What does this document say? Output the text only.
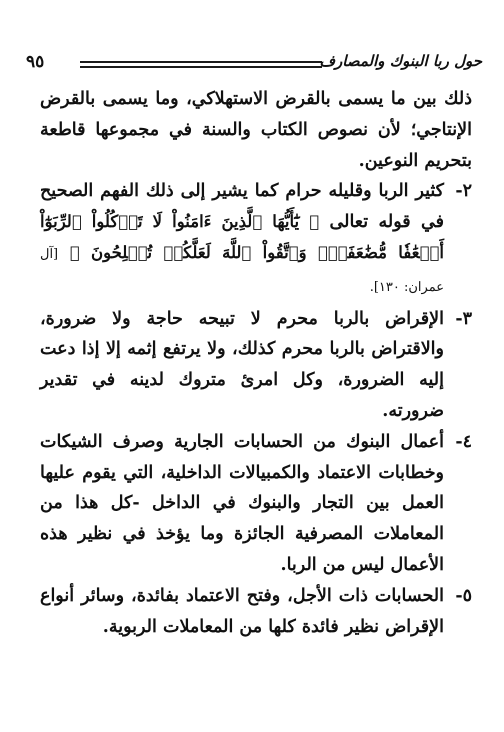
٩٥	حول ربا البنوك والمصارف

ذلك بين ما يسمى بالقرض الاستهلاكي، وما يسمى بالقرض الإنتاجي؛ لأن نصوص الكتاب والسنة في مجموعها قاطعة بتحريم النوعين.

٢-
كثير الربا وقليله حرام كما يشير إلى ذلك الفهم الصحيح في قوله تعالى ﴿ يَٰٓأَيُّهَا ٱلَّذِينَ ءَامَنُواْ لَا تَأۡكُلُواْ ٱلرِّبَوٰٓاْ أَضۡعَٰفٗا مُّضَٰعَفَةٗۖ وَٱتَّقُواْ ٱللَّهَ لَعَلَّكُمۡ تُفۡلِحُونَ ﴾ [آل عمران: ١٣٠].
٣-
الإقراض بالربا محرم لا تبيحه حاجة ولا ضرورة، والاقتراض بالربا محرم كذلك، ولا يرتفع إثمه إلا إذا دعت إليه الضرورة، وكل امرئ متروك لدينه في تقدير ضرورته.
٤-
أعمال البنوك من الحسابات الجارية وصرف الشيكات وخطابات الاعتماد والكمبيالات الداخلية، التي يقوم عليها العمل بين التجار والبنوك في الداخل -كل هذا من المعاملات المصرفية الجائزة وما يؤخذ في نظير هذه الأعمال ليس من الربا.
٥-
الحسابات ذات الأجل، وفتح الاعتماد بفائدة، وسائر أنواع الإقراض نظير فائدة كلها من المعاملات الربوية.
